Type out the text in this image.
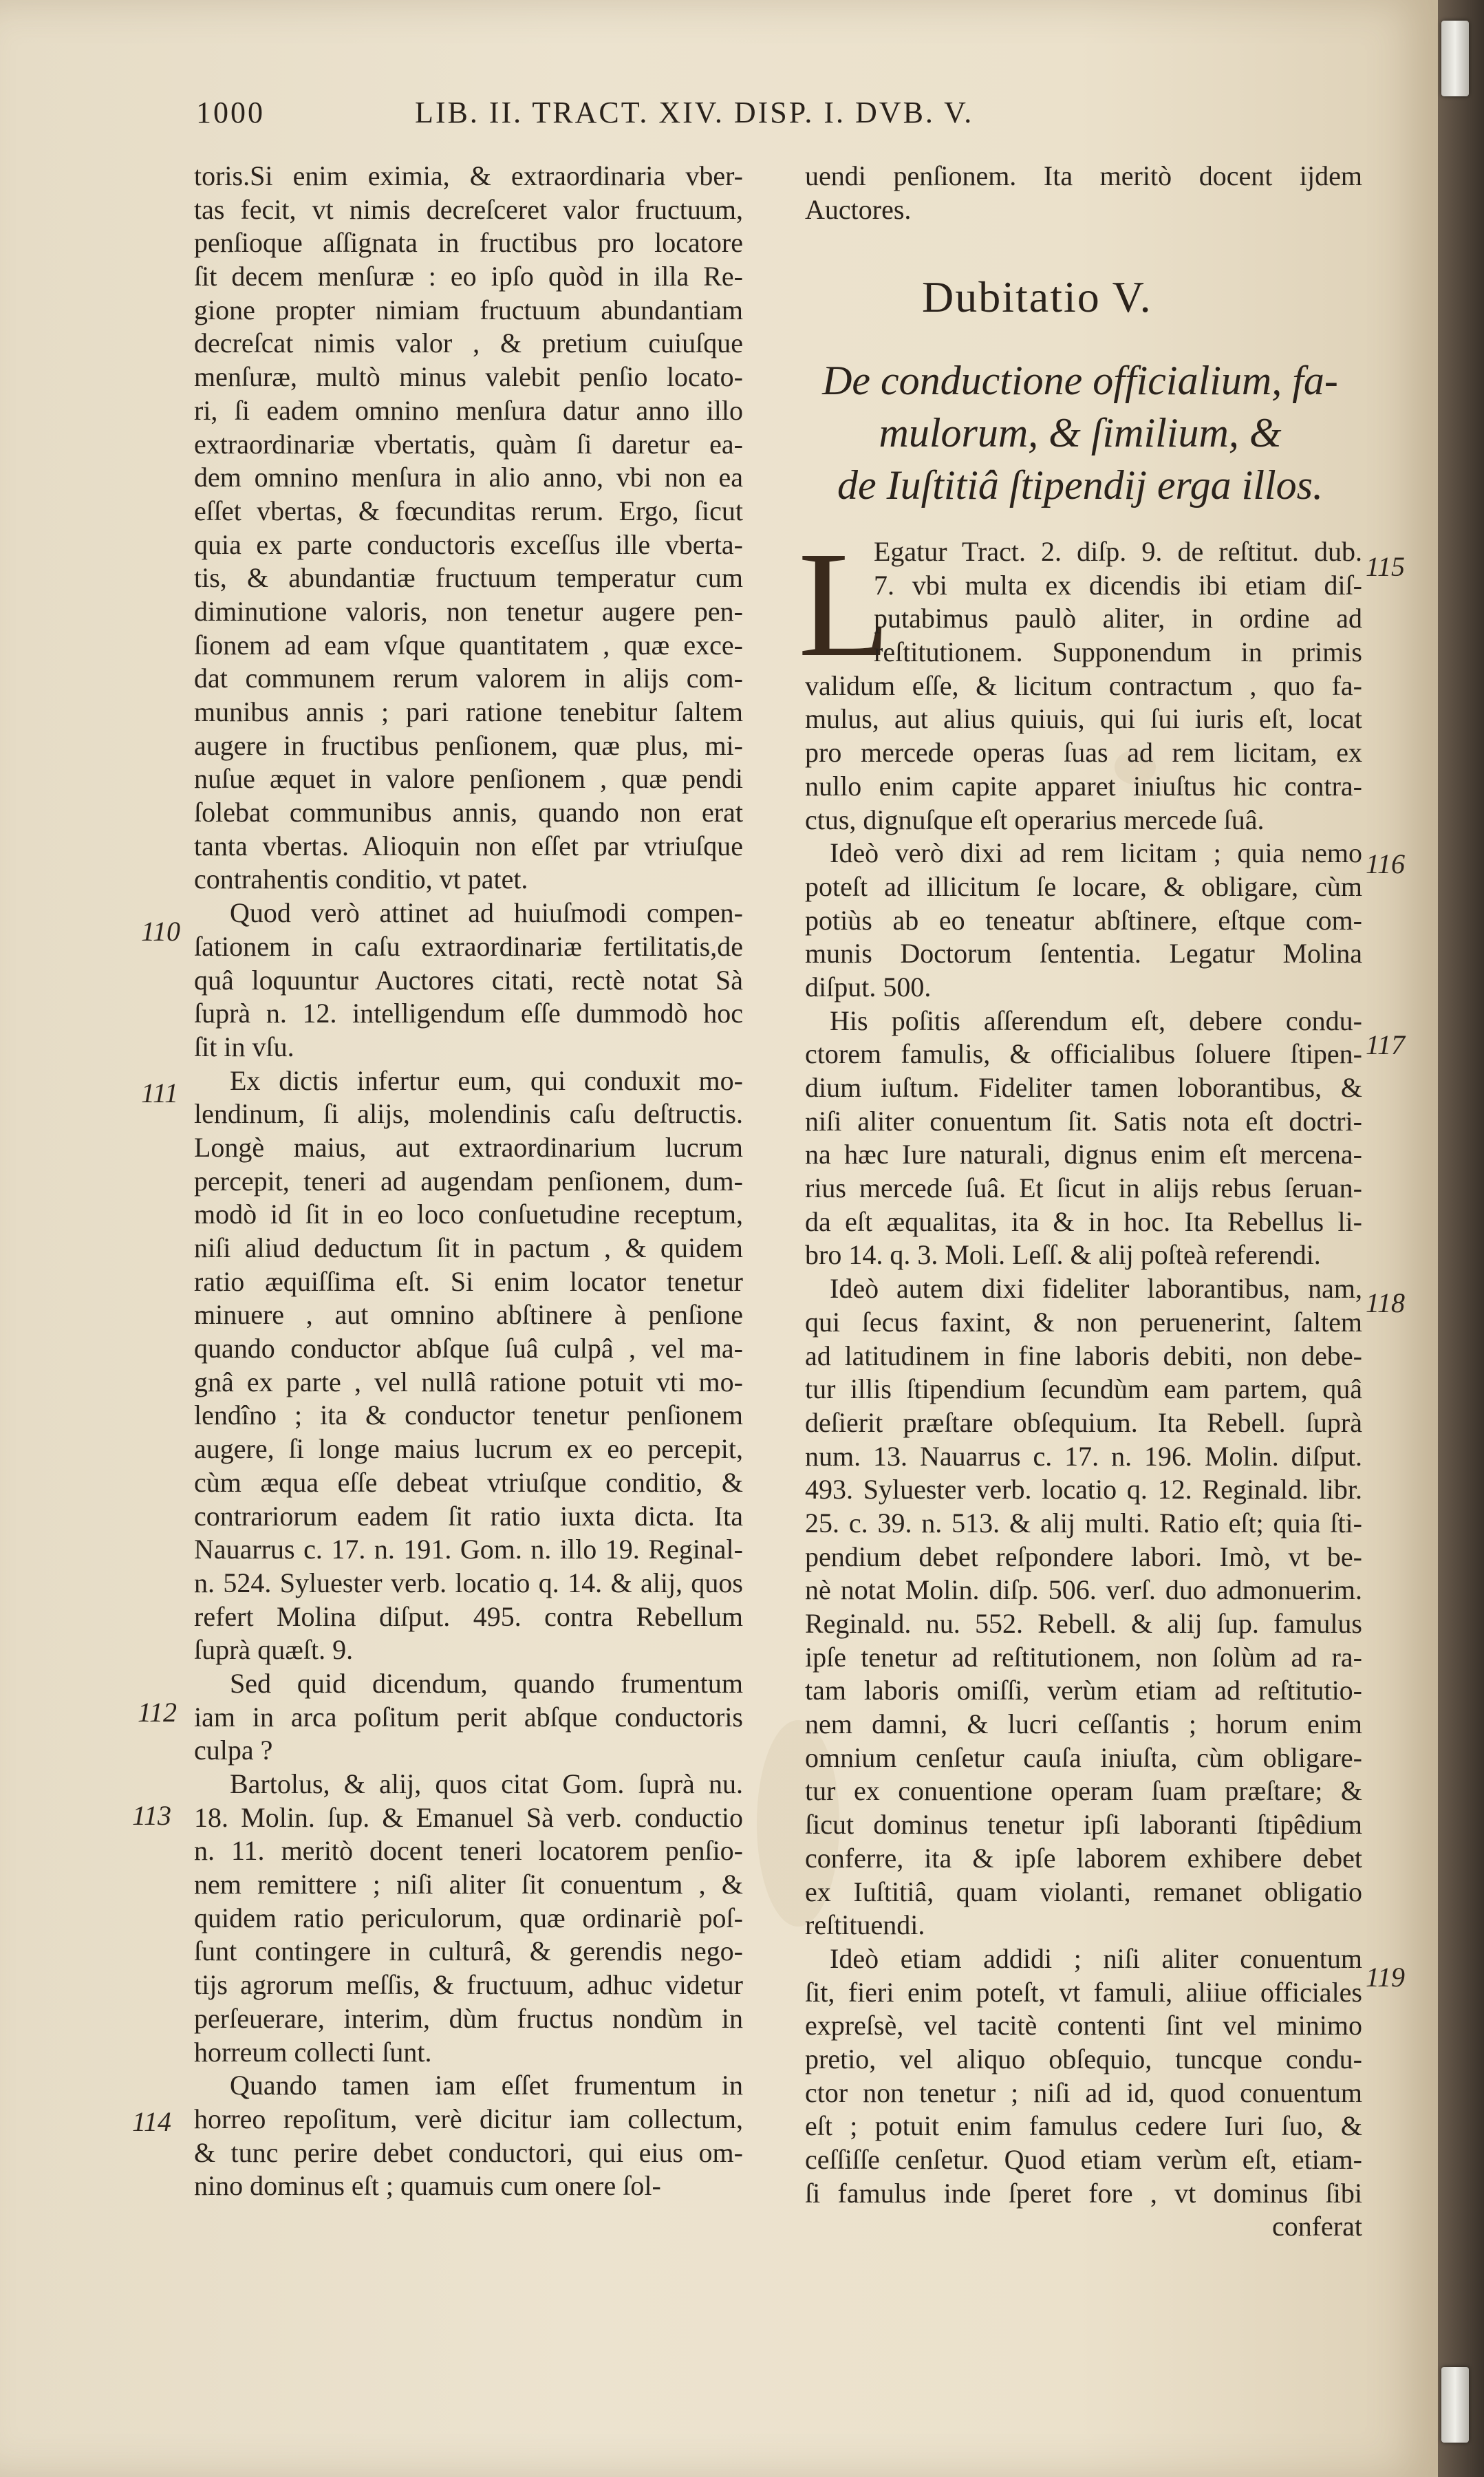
1000	LIB. II. TRACT. XIV. DISP. I. DVB. V.
toris.Si enim eximia, & extraordinaria vber-
tas fecit, vt nimis decreſceret valor fructuum,
penſioque aſſignata in fructibus pro locatore
ſit decem menſuræ : eo ipſo quòd in illa Re-
gione propter nimiam fructuum abundantiam
decreſcat nimis valor , & pretium cuiuſque
menſuræ, multò minus valebit penſio locato-
ri, ſi eadem omnino menſura datur anno illo
extraordinariæ vbertatis, quàm ſi daretur ea-
dem omnino menſura in alio anno, vbi non ea
eſſet vbertas, & fœcunditas rerum. Ergo, ſicut
quia ex parte conductoris exceſſus ille vberta-
tis, & abundantiæ fructuum temperatur cum
diminutione valoris, non tenetur augere pen-
ſionem ad eam vſque quantitatem , quæ exce-
dat communem rerum valorem in alijs com-
munibus annis ; pari ratione tenebitur ſaltem
augere in fructibus penſionem, quæ plus, mi-
nuſue æquet in valore penſionem , quæ pendi
ſolebat communibus annis, quando non erat
tanta vbertas. Alioquin non eſſet par vtriuſque
contrahentis conditio, vt patet.
Quod verò attinet ad huiuſmodi compen-
ſationem in caſu extraordinariæ fertilitatis,de
quâ loquuntur Auctores citati, rectè notat Sà
ſuprà n. 12. intelligendum eſſe dummodò hoc
ſit in vſu.
Ex dictis infertur eum, qui conduxit mo-
lendinum, ſi alijs, molendinis caſu deſtructis.
Longè maius, aut extraordinarium lucrum
percepit, teneri ad augendam penſionem, dum-
modò id ſit in eo loco conſuetudine receptum,
niſi aliud deductum ſit in pactum , & quidem
ratio æquiſſima eſt. Si enim locator tenetur
minuere , aut omnino abſtinere à penſione
quando conductor abſque ſuâ culpâ , vel ma-
gnâ ex parte , vel nullâ ratione potuit vti mo-
lendîno ; ita & conductor tenetur penſionem
augere, ſi longe maius lucrum ex eo percepit,
cùm æqua eſſe debeat vtriuſque conditio, &
contrariorum eadem ſit ratio iuxta dicta. Ita
Nauarrus c. 17. n. 191. Gom. n. illo 19. Reginal-
n. 524. Syluester verb. locatio q. 14. & alij, quos
refert Molina diſput. 495. contra Rebellum
ſuprà quæſt. 9.
Sed quid dicendum, quando frumentum
iam in arca poſitum perit abſque conductoris
culpa ?
Bartolus, & alij, quos citat Gom. ſuprà nu.
18. Molin. ſup. & Emanuel Sà verb. conductio
n. 11. meritò docent teneri locatorem penſio-
nem remittere ; niſi aliter ſit conuentum , &
quidem ratio periculorum, quæ ordinariè poſ-
ſunt contingere in culturâ, & gerendis nego-
tijs agrorum meſſis, & fructuum, adhuc videtur
perſeuerare, interim, dùm fructus nondùm in
horreum collecti ſunt.
Quando tamen iam eſſet frumentum in
horreo repoſitum, verè dicitur iam collectum,
& tunc perire debet conductori, qui eius om-
nino dominus eſt ; quamuis cum onere ſol-
uendi penſionem. Ita meritò docent ijdem
Auctores.
Dubitatio V.
De conductione officialium, fa-
mulorum, & ſimilium, &
de Iuſtitiâ ſtipendij erga illos.
L
Egatur Tract. 2. diſp. 9. de reſtitut. dub.
7. vbi multa ex dicendis ibi etiam diſ-
putabimus paulò aliter, in ordine ad
reſtitutionem. Supponendum in primis
validum eſſe, & licitum contractum , quo fa-
mulus, aut alius quiuis, qui ſui iuris eſt, locat
pro mercede operas ſuas ad rem licitam, ex
nullo enim capite apparet iniuſtus hic contra-
ctus, dignuſque eſt operarius mercede ſuâ.
Ideò verò dixi ad rem licitam ; quia nemo
poteſt ad illicitum ſe locare, & obligare, cùm
potiùs ab eo teneatur abſtinere, eſtque com-
munis Doctorum ſententia. Legatur Molina
diſput. 500.
His poſitis aſſerendum eſt, debere condu-
ctorem famulis, & officialibus ſoluere ſtipen-
dium iuſtum. Fideliter tamen loborantibus, &
niſi aliter conuentum ſit. Satis nota eſt doctri-
na hæc Iure naturali, dignus enim eſt mercena-
rius mercede ſuâ. Et ſicut in alijs rebus ſeruan-
da eſt æqualitas, ita & in hoc. Ita Rebellus li-
bro 14. q. 3. Moli. Leſſ. & alij poſteà referendi.
Ideò autem dixi fideliter laborantibus, nam,
qui ſecus faxint, & non peruenerint, ſaltem
ad latitudinem in fine laboris debiti, non debe-
tur illis ſtipendium ſecundùm eam partem, quâ
deſierit præſtare obſequium. Ita Rebell. ſuprà
num. 13. Nauarrus c. 17. n. 196. Molin. diſput.
493. Syluester verb. locatio q. 12. Reginald. libr.
25. c. 39. n. 513. & alij multi. Ratio eſt; quia ſti-
pendium debet reſpondere labori. Imò, vt be-
nè notat Molin. diſp. 506. verſ. duo admonuerim.
Reginald. nu. 552. Rebell. & alij ſup. famulus
ipſe tenetur ad reſtitutionem, non ſolùm ad ra-
tam laboris omiſſi, verùm etiam ad reſtitutio-
nem damni, & lucri ceſſantis ; horum enim
omnium cenſetur cauſa iniuſta, cùm obligare-
tur ex conuentione operam ſuam præſtare; &
ſicut dominus tenetur ipſi laboranti ſtipêdium
conferre, ita & ipſe laborem exhibere debet
ex Iuſtitiâ, quam violanti, remanet obligatio
reſtituendi.
Ideò etiam addidi ; niſi aliter conuentum
ſit, fieri enim poteſt, vt famuli, aliiue officiales
expreſsè, vel tacitè contenti ſint vel minimo
pretio, vel aliquo obſequio, tuncque condu-
ctor non tenetur ; niſi ad id, quod conuentum
eſt ; potuit enim famulus cedere Iuri ſuo, &
ceſſiſſe cenſetur. Quod etiam verùm eſt, etiam-
ſi famulus inde ſperet fore , vt dominus ſibi
conferat
110
111
112
113
114
115
116
117
118
119
